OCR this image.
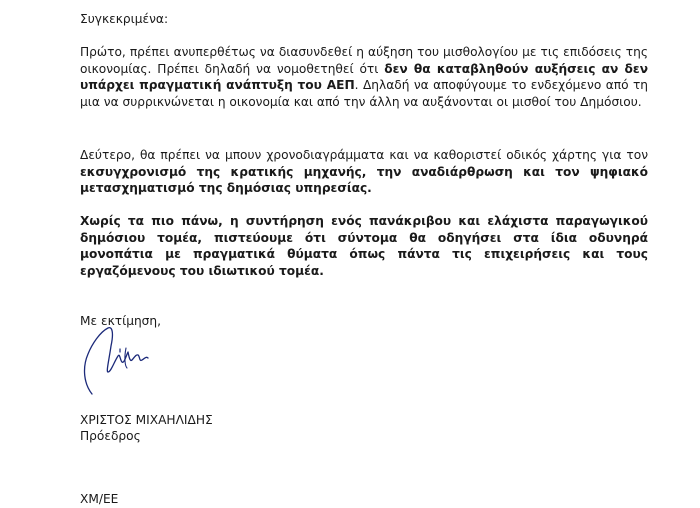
Συγκεκριμένα:

Πρώτο, πρέπει ανυπερθέτως να διασυνδεθεί η αύξηση του μισθολογίου με τις επιδόσεις της οικονομίας. Πρέπει δηλαδή να νομοθετηθεί ότι δεν θα καταβληθούν αυξήσεις αν δεν υπάρχει πραγματική ανάπτυξη του ΑΕΠ. Δηλαδή να αποφύγουμε το ενδεχόμενο από τη μια να συρρικνώνεται η οικονομία και από την άλλη να αυξάνονται οι μισθοί του Δημόσιου.

Δεύτερο, θα πρέπει να μπουν χρονοδιαγράμματα και να καθοριστεί οδικός χάρτης για τον εκσυγχρονισμό της κρατικής μηχανής, την αναδιάρθρωση και τον ψηφιακό μετασχηματισμό της δημόσιας υπηρεσίας.

Χωρίς τα πιο πάνω, η συντήρηση ενός πανάκριβου και ελάχιστα παραγωγικού δημόσιου τομέα, πιστεύουμε ότι σύντομα θα οδηγήσει στα ίδια οδυνηρά μονοπάτια με πραγματικά θύματα όπως πάντα τις επιχειρήσεις και τους εργαζόμενους του ιδιωτικού τομέα.

Με εκτίμηση,

ΧΡΙΣΤΟΣ ΜΙΧΑΗΛΙΔΗΣ

Πρόεδρος

ΧΜ/ΕΕ
